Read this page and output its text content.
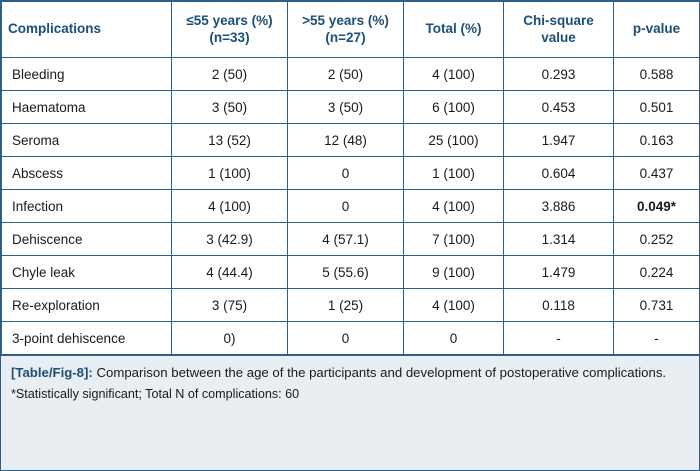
Complications	≤55 years (%) (n=33)	>55 years (%) (n=27)	Total (%)	Chi-square value	p-value
Bleeding	2 (50)	2 (50)	4 (100)	0.293	0.588
Haematoma	3 (50)	3 (50)	6 (100)	0.453	0.501
Seroma	13 (52)	12 (48)	25 (100)	1.947	0.163
Abscess	1 (100)	0	1 (100)	0.604	0.437
Infection	4 (100)	0	4 (100)	3.886	0.049*
Dehiscence	3 (42.9)	4 (57.1)	7 (100)	1.314	0.252
Chyle leak	4 (44.4)	5 (55.6)	9 (100)	1.479	0.224
Re-exploration	3 (75)	1 (25)	4 (100)	0.118	0.731
3-point dehiscence	0)	0	0	-	-

[Table/Fig-8]: Comparison between the age of the participants and development of postoperative complications.

*Statistically significant; Total N of complications: 60
